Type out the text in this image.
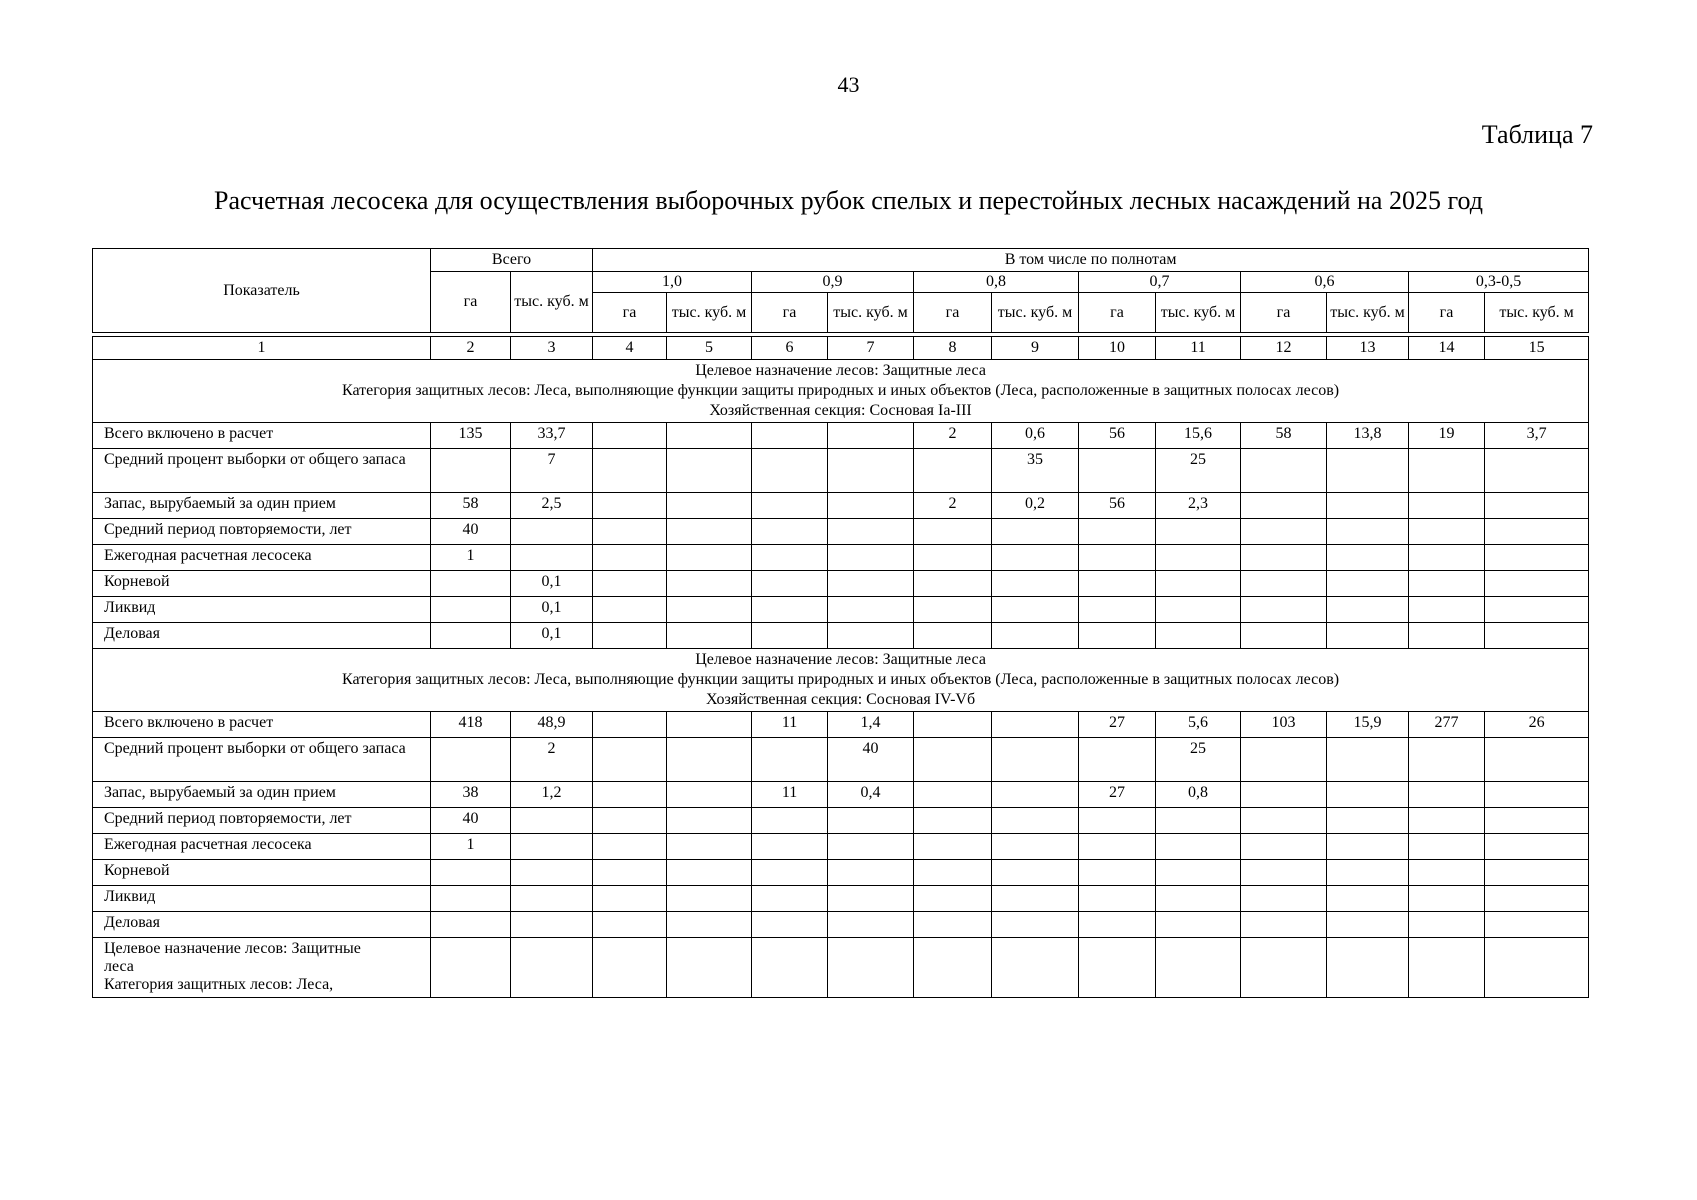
43
Таблица 7
Расчетная лесосека для осуществления выборочных рубок спелых и перестойных лесных насаждений на 2025 год
Показатель	Всего		В том числе по полнотам											
	га	тыс. куб. м	1,0		0,9		0,8		0,7		0,6		0,3-0,5	
			га	тыс. куб. м	га	тыс. куб. м	га	тыс. куб. м	га	тыс. куб. м	га	тыс. куб. м	га	тыс. куб. м

1	2	3	4	5	6	7	8	9	10	11	12	13	14	15

Целевое назначение лесов: Защитные леса
Категория защитных лесов: Леса, выполняющие функции защиты природных и иных объектов (Леса, расположенные в защитных полосах лесов)
Хозяйственная секция: Сосновая Ia-III														

Всего включено в расчет	135	33,7					2	0,6	56	15,6	58	13,8	19	3,7
Средний процент выборки от общего запаса		7						35		25				
Запас, вырубаемый за один прием	58	2,5					2	0,2	56	2,3				
Средний период повторяемости, лет	40													
Ежегодная расчетная лесосека	1													
Корневой		0,1												
Ликвид		0,1												
Деловая		0,1												

Целевое назначение лесов: Защитные леса
Категория защитных лесов: Леса, выполняющие функции защиты природных и иных объектов (Леса, расположенные в защитных полосах лесов)
Хозяйственная секция: Сосновая IV-Vб														

Всего включено в расчет	418	48,9			11	1,4			27	5,6	103	15,9	277	26
Средний процент выборки от общего запаса		2				40				25				
Запас, вырубаемый за один прием	38	1,2			11	0,4			27	0,8				
Средний период повторяемости, лет	40													
Ежегодная расчетная лесосека	1													
Корневой														
Ликвид														
Деловая														

Целевое назначение лесов: Защитные
леса
Категория защитных лесов: Леса,														
